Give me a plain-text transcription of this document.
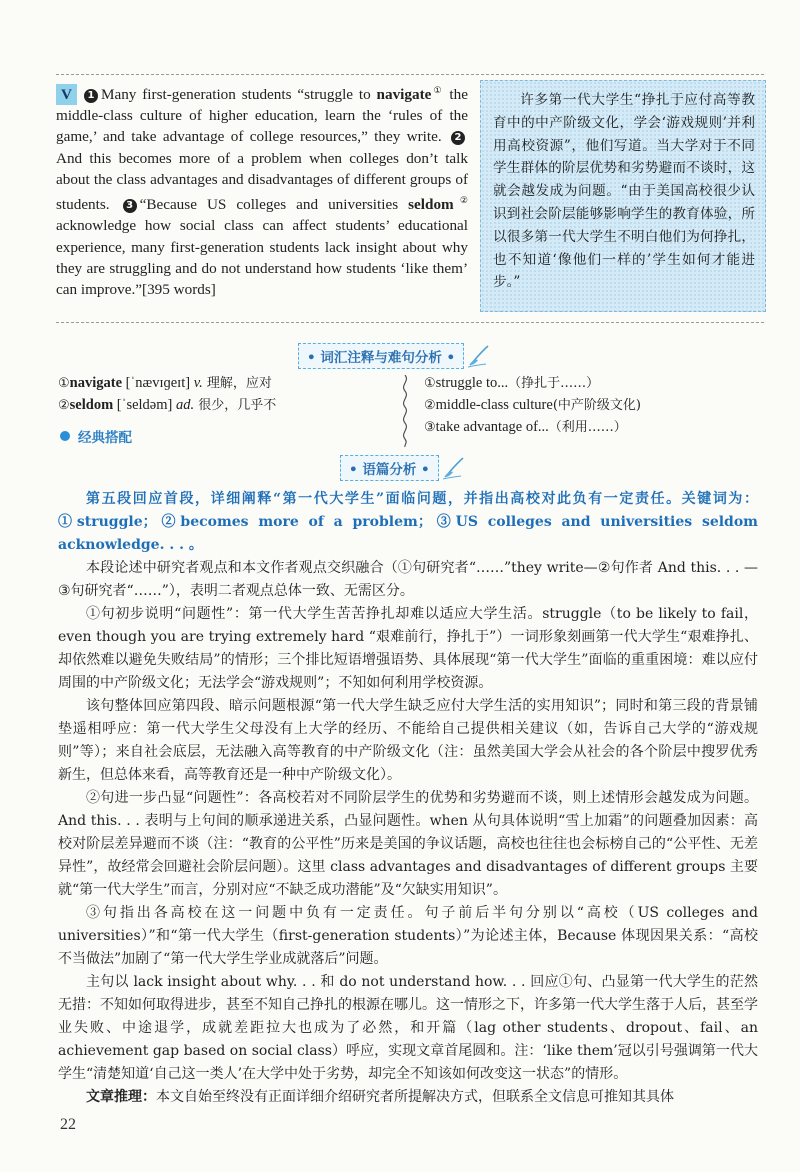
V 1 Many first-generation students “struggle to navigate① the middle-class culture of higher education, learn the ‘rules of the game,’ and take advantage of college resources,” they write. 2And this becomes more of a problem when colleges don’t talk about the class advantages and disadvantages of different groups of students. 3 “Because US colleges and universities seldom② acknowledge how social class can affect students’ educational experience, many first-generation students lack insight about why they are struggling and do not understand how students ‘like them’ can improve.”[395 words]
许多第一代大学生“挣扎于应付高等教育中的中产阶级文化，学会‘游戏规则’并利用高校资源”，他们写道。当大学对于不同学生群体的阶层优势和劣势避而不谈时，这就会越发成为问题。“由于美国高校很少认识到社会阶层能够影响学生的教育体验，所以很多第一代大学生不明白他们为何挣扎，也不知道‘像他们一样的’学生如何才能进步。”
• 词汇注释与难句分析 •
①navigate [ˈnævɪɡeɪt] v. 理解，应对
②seldom [ˈseldəm] ad. 很少，几乎不
①struggle to...（挣扎于……）
②middle-class culture(中产阶级文化)
③take advantage of...（利用……）
经典搭配
• 语篇分析 •

第五段回应首段，详细阐释“第一代大学生”面临问题，并指出高校对此负有一定责任。关键词为：①struggle；②becomes more of a problem；③US colleges and universities seldom acknowledge. . . 。

本段论述中研究者观点和本文作者观点交织融合（①句研究者“……”they write—②句作者 And this. . . —③句研究者“……”），表明二者观点总体一致、无需区分。

①句初步说明“问题性”：第一代大学生苦苦挣扎却难以适应大学生活。struggle（to be likely to fail，even though you are trying extremely hard “艰难前行，挣扎于”）一词形象刻画第一代大学生“艰难挣扎、却依然难以避免失败结局”的情形；三个排比短语增强语势、具体展现“第一代大学生”面临的重重困境：难以应付周围的中产阶级文化；无法学会“游戏规则”；不知如何利用学校资源。

该句整体回应第四段、暗示问题根源“第一代大学生缺乏应付大学生活的实用知识”；同时和第三段的背景铺垫遥相呼应：第一代大学生父母没有上大学的经历、不能给自己提供相关建议（如，告诉自己大学的“游戏规则”等）；来自社会底层，无法融入高等教育的中产阶级文化（注：虽然美国大学会从社会的各个阶层中搜罗优秀新生，但总体来看，高等教育还是一种中产阶级文化）。

②句进一步凸显“问题性”：各高校若对不同阶层学生的优势和劣势避而不谈，则上述情形会越发成为问题。And this. . . 表明与上句间的顺承递进关系，凸显问题性。when 从句具体说明“雪上加霜”的问题叠加因素：高校对阶层差异避而不谈（注：“教育的公平性”历来是美国的争议话题，高校也往往也会标榜自己的“公平性、无差异性”，故经常会回避社会阶层问题）。这里 class advantages and disadvantages of different groups 主要就“第一代大学生”而言，分别对应“不缺乏成功潜能”及“欠缺实用知识”。

③句指出各高校在这一问题中负有一定责任。句子前后半句分别以“高校（US colleges and universities）”和“第一代大学生（first-generation students）”为论述主体，Because 体现因果关系：“高校不当做法”加剧了“第一代大学生学业成就落后”问题。

主句以 lack insight about why. . . 和 do not understand how. . . 回应①句、凸显第一代大学生的茫然无措：不知如何取得进步，甚至不知自己挣扎的根源在哪儿。这一情形之下，许多第一代大学生落于人后，甚至学业失败、中途退学，成就差距拉大也成为了必然，和开篇（lag other students、dropout、fail、an achievement gap based on social class）呼应，实现文章首尾圆和。注：‘like them’冠以引号强调第一代大学生“清楚知道‘自己这一类人’在大学中处于劣势，却完全不知该如何改变这一状态”的情形。

文章推理：本文自始至终没有正面详细介绍研究者所提解决方式，但联系全文信息可推知其具体

22
